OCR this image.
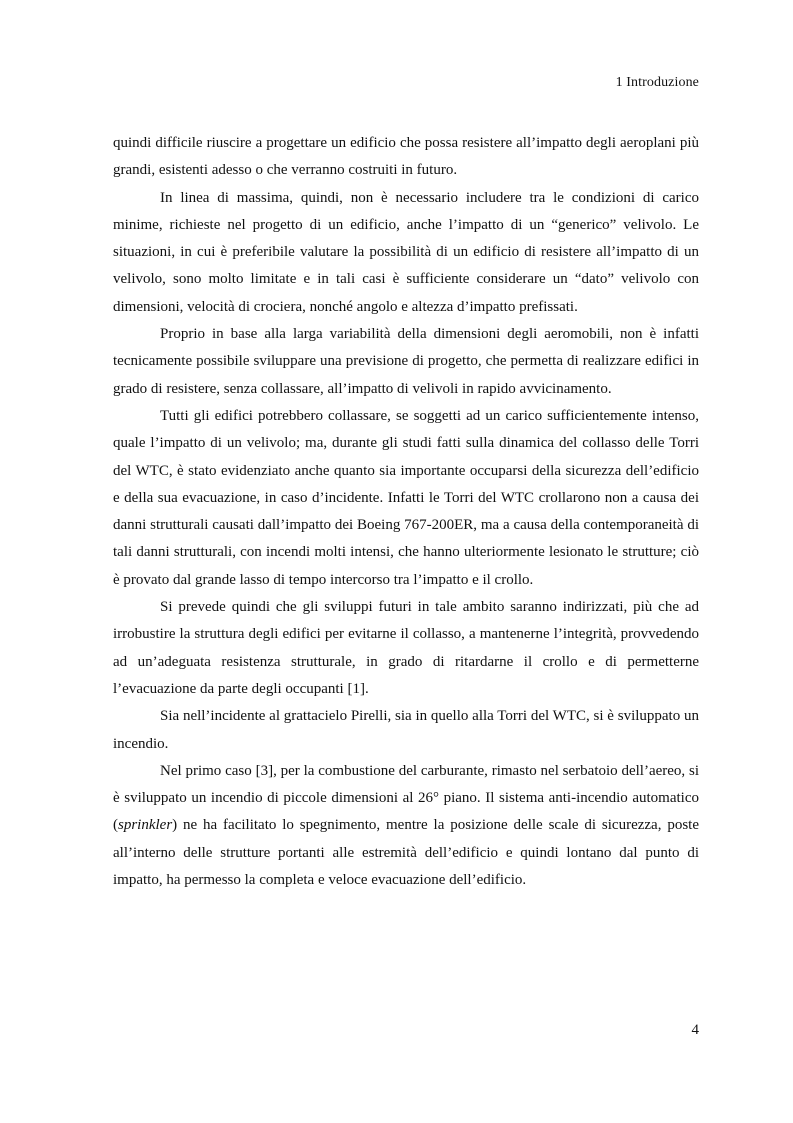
1 Introduzione

quindi difficile riuscire a progettare un edificio che possa resistere all’impatto degli aeroplani più grandi, esistenti adesso o che verranno costruiti in futuro.

In linea di massima, quindi, non è necessario includere tra le condizioni di carico minime, richieste nel progetto di un edificio, anche l’impatto di un “generico” velivolo. Le situazioni, in cui è preferibile valutare la possibilità di un edificio di resistere all’impatto di un velivolo, sono molto limitate e in tali casi è sufficiente considerare un “dato” velivolo con dimensioni, velocità di crociera, nonché angolo e altezza d’impatto prefissati.

Proprio in base alla larga variabilità della dimensioni degli aeromobili, non è infatti tecnicamente possibile sviluppare una previsione di progetto, che permetta di realizzare edifici in grado di resistere, senza collassare, all’impatto di velivoli in rapido avvicinamento.

Tutti gli edifici potrebbero collassare, se soggetti ad un carico sufficientemente intenso, quale l’impatto di un velivolo; ma, durante gli studi fatti sulla dinamica del collasso delle Torri del WTC, è stato evidenziato anche quanto sia importante occuparsi della sicurezza dell’edificio e della sua evacuazione, in caso d’incidente. Infatti le Torri del WTC crollarono non a causa dei danni strutturali causati dall’impatto dei Boeing 767-200ER, ma a causa della contemporaneità di tali danni strutturali, con incendi molti intensi, che hanno ulteriormente lesionato le strutture; ciò è provato dal grande lasso di tempo intercorso tra l’impatto e il crollo.

Si prevede quindi che gli sviluppi futuri in tale ambito saranno indirizzati, più che ad irrobustire la struttura degli edifici per evitarne il collasso, a mantenerne l’integrità, provvedendo ad un’adeguata resistenza strutturale, in grado di ritardarne il crollo e di permetterne l’evacuazione da parte degli occupanti [1].

Sia nell’incidente al grattacielo Pirelli, sia in quello alla Torri del WTC, si è sviluppato un incendio.

Nel primo caso [3], per la combustione del carburante, rimasto nel serbatoio dell’aereo, si è sviluppato un incendio di piccole dimensioni al 26° piano. Il sistema anti-incendio automatico (sprinkler) ne ha facilitato lo spegnimento, mentre la posizione delle scale di sicurezza, poste all’interno delle strutture portanti alle estremità dell’edificio e quindi lontano dal punto di impatto, ha permesso la completa e veloce evacuazione dell’edificio.

4
